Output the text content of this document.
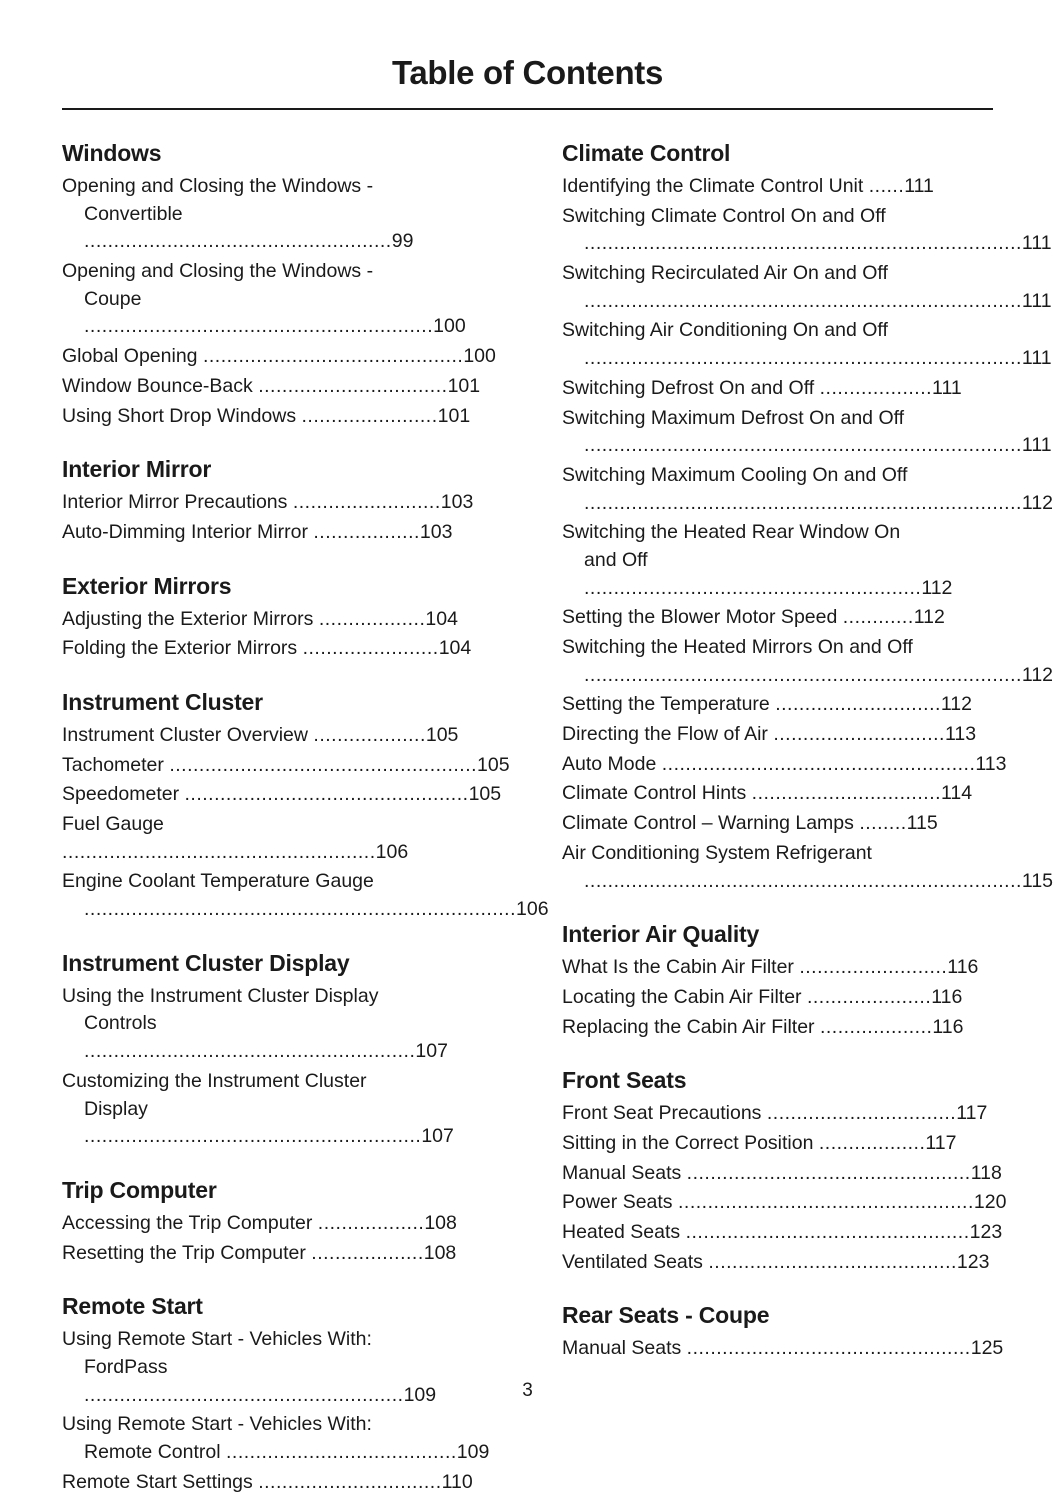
Table of Contents
Windows
Opening and Closing the Windows -
Convertible ....................................................99
Opening and Closing the Windows -
Coupe ...........................................................100
Global Opening ............................................100
Window Bounce-Back ................................101
Using Short Drop Windows .......................101
Interior Mirror
Interior Mirror Precautions .........................103
Auto-Dimming Interior Mirror ..................103
Exterior Mirrors
Adjusting the Exterior Mirrors ..................104
Folding the Exterior Mirrors .......................104
Instrument Cluster
Instrument Cluster Overview ...................105
Tachometer ....................................................105
Speedometer ................................................105
Fuel Gauge .....................................................106
Engine Coolant Temperature Gauge
.........................................................................106
Instrument Cluster Display
Using the Instrument Cluster Display
Controls ........................................................107
Customizing the Instrument Cluster
Display .........................................................107
Trip Computer
Accessing the Trip Computer ..................108
Resetting the Trip Computer ...................108
Remote Start
Using Remote Start - Vehicles With:
FordPass ......................................................109
Using Remote Start - Vehicles With:
Remote Control .......................................109
Remote Start Settings ...............................110
Climate Control
Identifying the Climate Control Unit ......111
Switching Climate Control On and Off
..........................................................................111
Switching Recirculated Air On and Off
..........................................................................111
Switching Air Conditioning On and Off
..........................................................................111
Switching Defrost On and Off ...................111
Switching Maximum Defrost On and Off
..........................................................................111
Switching Maximum Cooling On and Off
..........................................................................112
Switching the Heated Rear Window On
and Off .........................................................112
Setting the Blower Motor Speed ............112
Switching the Heated Mirrors On and Off
..........................................................................112
Setting the Temperature ............................112
Directing the Flow of Air .............................113
Auto Mode .....................................................113
Climate Control Hints ................................114
Climate Control – Warning Lamps ........115
Air Conditioning System Refrigerant
..........................................................................115
Interior Air Quality
What Is the Cabin Air Filter .........................116
Locating the Cabin Air Filter .....................116
Replacing the Cabin Air Filter ...................116
Front Seats
Front Seat Precautions ................................117
Sitting in the Correct Position ..................117
Manual Seats ................................................118
Power Seats ..................................................120
Heated Seats ................................................123
Ventilated Seats ..........................................123
Rear Seats - Coupe
Manual Seats ................................................125
3
